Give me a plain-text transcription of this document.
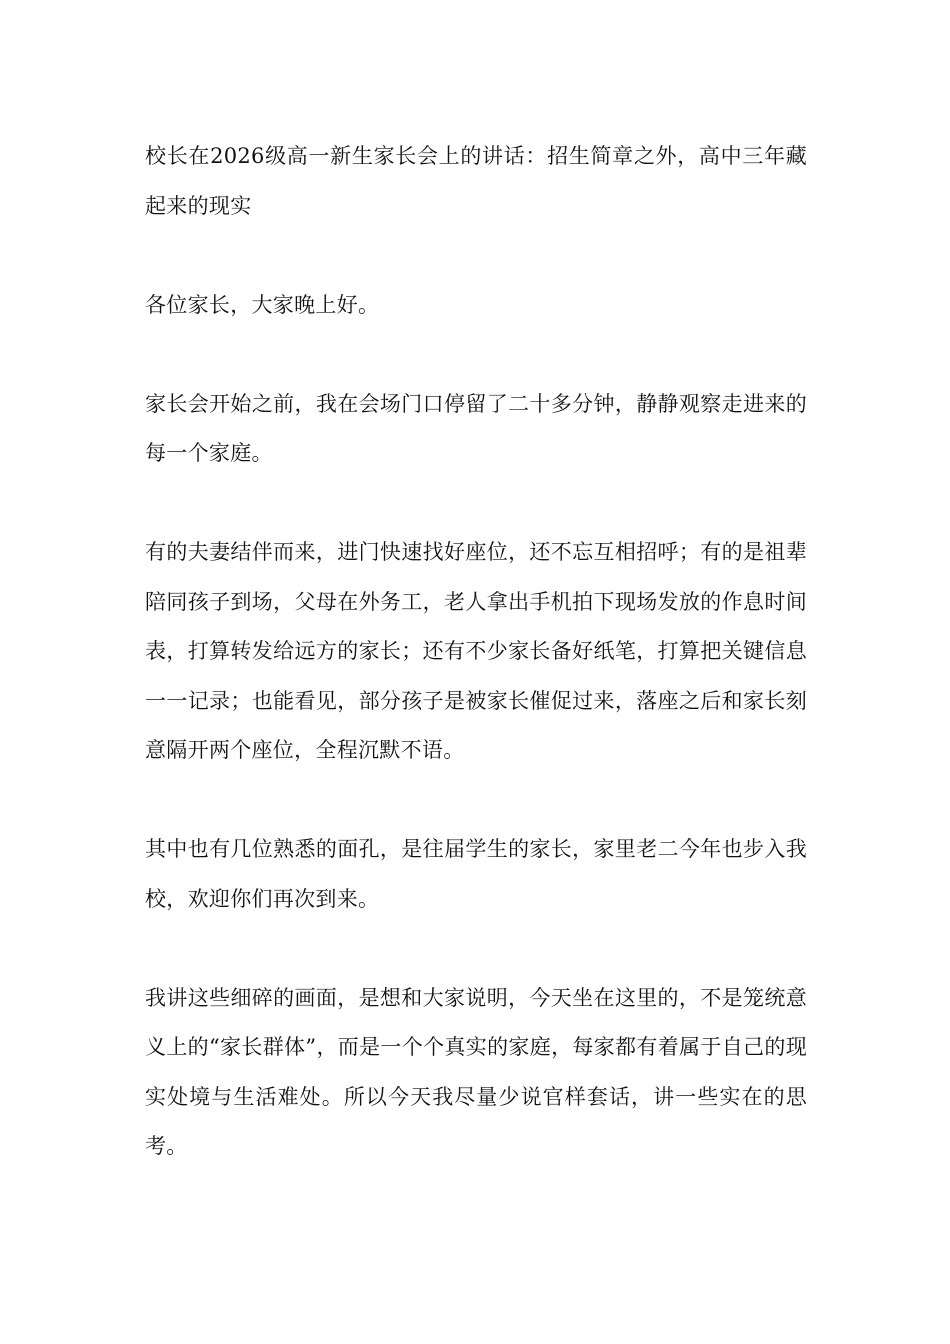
校长在2026级高一新生家长会上的讲话：招生简章之外，高中三年藏起来的现实

各位家长，大家晚上好。

家长会开始之前，我在会场门口停留了二十多分钟，静静观察走进来的每一个家庭。

有的夫妻结伴而来，进门快速找好座位，还不忘互相招呼；有的是祖辈陪同孩子到场，父母在外务工，老人拿出手机拍下现场发放的作息时间表，打算转发给远方的家长；还有不少家长备好纸笔，打算把关键信息一一记录；也能看见，部分孩子是被家长催促过来，落座之后和家长刻意隔开两个座位，全程沉默不语。

其中也有几位熟悉的面孔，是往届学生的家长，家里老二今年也步入我校，欢迎你们再次到来。

我讲这些细碎的画面，是想和大家说明，今天坐在这里的，不是笼统意义上的“家长群体”，而是一个个真实的家庭，每家都有着属于自己的现实处境与生活难处。所以今天我尽量少说官样套话，讲一些实在的思考。
